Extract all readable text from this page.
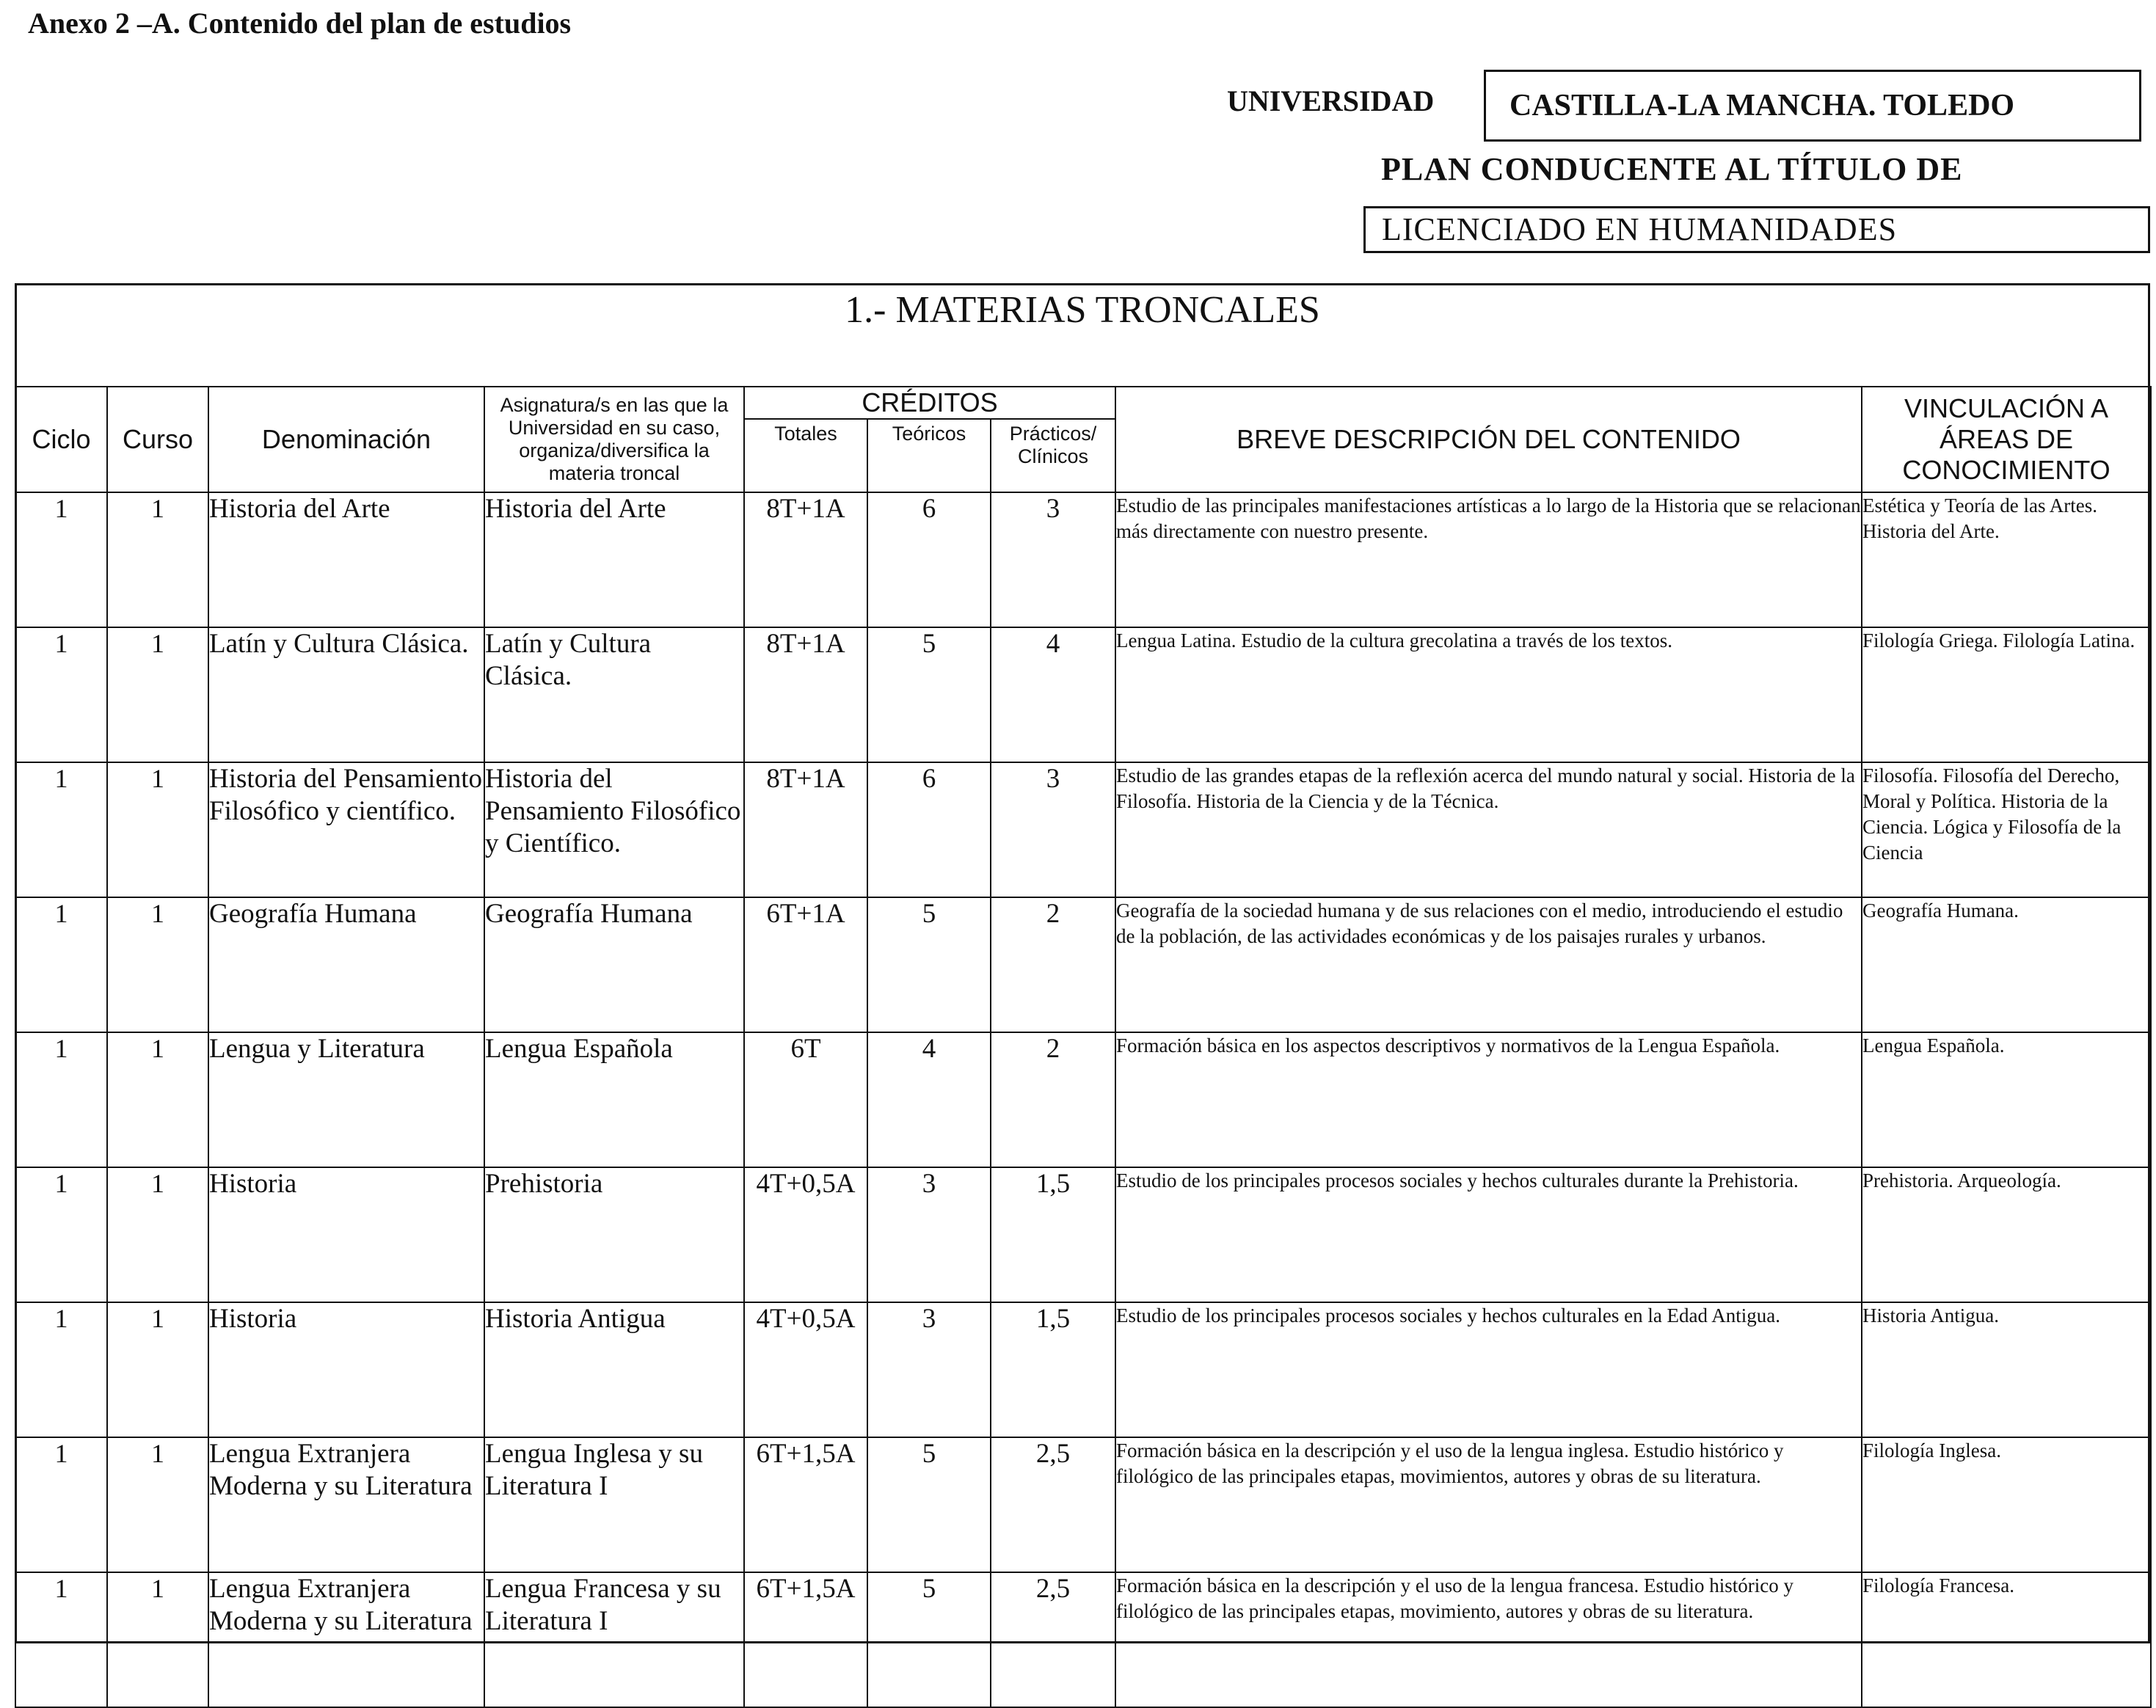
Anexo 2 –A. Contenido del plan de estudios
UNIVERSIDAD	CASTILLA-LA MANCHA. TOLEDO
PLAN CONDUCENTE AL TÍTULO DE
LICENCIADO EN HUMANIDADES
1.- MATERIAS TRONCALES
Ciclo	Curso	Denominación	Asignatura/s en las que la Universidad en su caso, organiza/diversifica la materia troncal	CRÉDITOS			BREVE DESCRIPCIÓN DEL CONTENIDO	VINCULACIÓN A ÁREAS DE CONOCIMIENTO
				Totales	Teóricos	Prácticos/ Clínicos		
1	1	Historia del Arte	Historia del Arte	8T+1A	6	3	Estudio de las principales manifestaciones artísticas a lo largo de la Historia que se relacionan más directamente con nuestro presente.	Estética y Teoría de las Artes. Historia del Arte.
1	1	Latín y Cultura Clásica.	Latín y Cultura Clásica.	8T+1A	5	4	Lengua Latina. Estudio de la cultura grecolatina a través de los textos.	Filología Griega. Filología Latina.
1	1	Historia del Pensamiento Filosófico y científico.	Historia del Pensamiento Filosófico y Científico.	8T+1A	6	3	Estudio de las grandes etapas de la reflexión acerca del mundo natural y social. Historia de la Filosofía. Historia de la Ciencia y de la Técnica.	Filosofía. Filosofía del Derecho, Moral y Política. Historia de la Ciencia. Lógica y Filosofía de la Ciencia
1	1	Geografía Humana	Geografía Humana	6T+1A	5	2	Geografía de la sociedad humana y de sus relaciones con el medio, introduciendo el estudio de la población, de las actividades económicas y de los paisajes rurales y urbanos.	Geografía Humana.
1	1	Lengua y Literatura	Lengua Española	6T	4	2	Formación básica en los aspectos descriptivos y normativos de la Lengua Española.	Lengua Española.
1	1	Historia	Prehistoria	4T+0,5A	3	1,5	Estudio de los principales procesos sociales y hechos culturales durante la Prehistoria.	Prehistoria. Arqueología.
1	1	Historia	Historia Antigua	4T+0,5A	3	1,5	Estudio de los principales procesos sociales y hechos culturales en la Edad Antigua.	Historia Antigua.
1	1	Lengua Extranjera Moderna y su Literatura	Lengua Inglesa y su Literatura I	6T+1,5A	5	2,5	Formación básica en la descripción y el uso de la lengua inglesa. Estudio histórico y filológico de las principales etapas, movimientos, autores y obras de su literatura.	Filología Inglesa.
1	1	Lengua Extranjera Moderna y su Literatura	Lengua Francesa y su Literatura I	6T+1,5A	5	2,5	Formación básica en la descripción y el uso de la lengua francesa. Estudio histórico y filológico de las principales etapas, movimiento, autores y obras de su literatura.	Filología Francesa.
